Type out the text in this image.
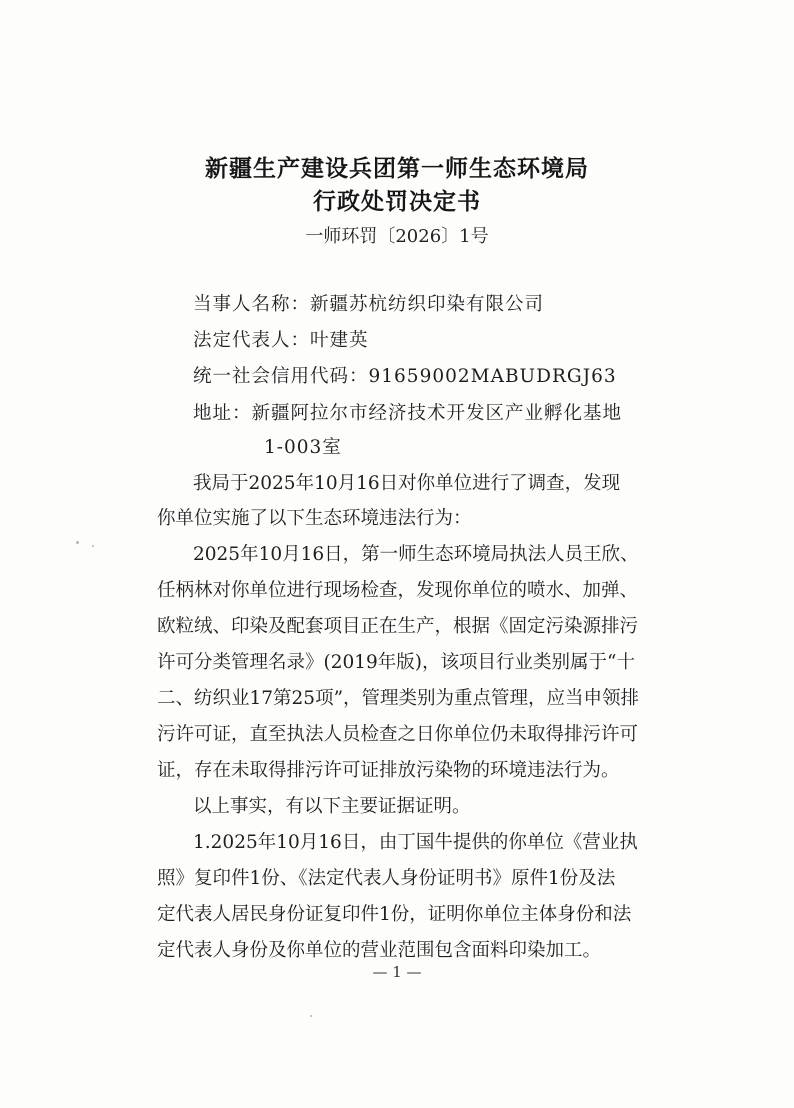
新疆生产建设兵团第一师生态环境局
行政处罚决定书
一师环罚〔2026〕1号
当事人名称：新疆苏杭纺织印染有限公司
法定代表人：叶建英
统一社会信用代码：91659002MABUDRGJ63
地址：新疆阿拉尔市经济技术开发区产业孵化基地
1-003室
我局于2025年10月16日对你单位进行了调查，发现
你单位实施了以下生态环境违法行为：
2025年10月16日，第一师生态环境局执法人员王欣、
任柄林对你单位进行现场检查，发现你单位的喷水、加弹、
欧粒绒、印染及配套项目正在生产，根据《固定污染源排污
许可分类管理名录》(2019年版)，该项目行业类别属于“十
二、纺织业17第25项”，管理类别为重点管理，应当申领排
污许可证，直至执法人员检查之日你单位仍未取得排污许可
证，存在未取得排污许可证排放污染物的环境违法行为。
以上事实，有以下主要证据证明。
1.2025年10月16日，由丁国牛提供的你单位《营业执
照》复印件1份、《法定代表人身份证明书》原件1份及法
定代表人居民身份证复印件1份，证明你单位主体身份和法
定代表人身份及你单位的营业范围包含面料印染加工。
— 1 —
